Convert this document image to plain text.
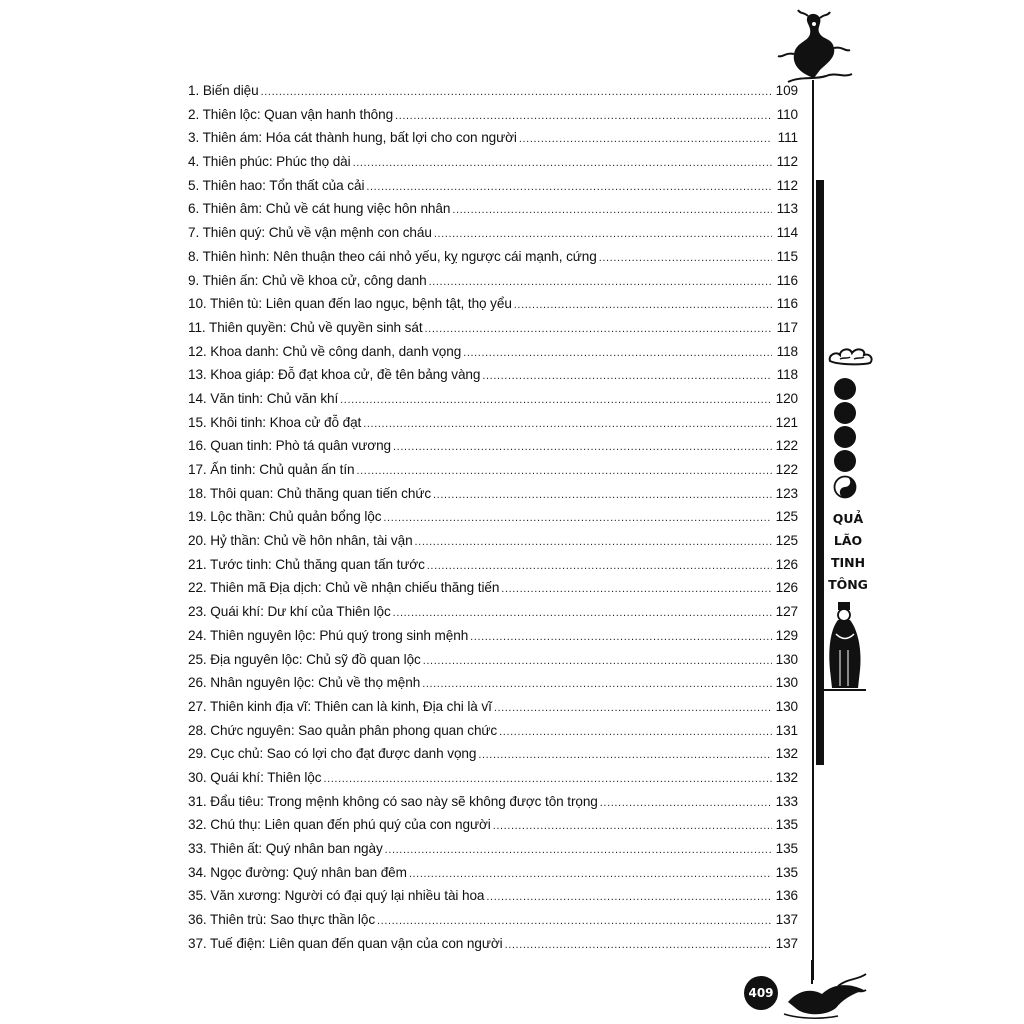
QUẢ
LÃO
TINH
TÔNG
1. Biến diệu .....	109
2. Thiên lộc: Quan vận hanh thông .....	110
3. Thiên ám: Hóa cát thành hung, bất lợi cho con người .....	111
4. Thiên phúc: Phúc thọ dài .....	112
5. Thiên hao: Tổn thất của cải .....	112
6. Thiên âm: Chủ về cát hung việc hôn nhân .....	113
7. Thiên quý: Chủ về vận mệnh con cháu .....	114
8. Thiên hình: Nên thuận theo cái nhỏ yếu, kỵ ngược cái mạnh, cứng .....	115
9. Thiên ấn: Chủ về khoa cử, công danh .....	116
10. Thiên tù: Liên quan đến lao ngục, bệnh tật, thọ yểu .....	116
11. Thiên quyền: Chủ về quyền sinh sát .....	117
12. Khoa danh: Chủ về công danh, danh vọng .....	118
13. Khoa giáp: Đỗ đạt khoa cử, đề tên bảng vàng .....	118
14. Văn tinh: Chủ văn khí .....	120
15. Khôi tinh: Khoa cử đỗ đạt .....	121
16. Quan tinh: Phò tá quân vương .....	122
17. Ấn tinh: Chủ quản ấn tín .....	122
18. Thôi quan: Chủ thăng quan tiến chức .....	123
19. Lộc thần: Chủ quản bổng lộc .....	125
20. Hỷ thần: Chủ về hôn nhân, tài vận .....	125
21. Tước tinh: Chủ thăng quan tấn tước .....	126
22. Thiên mã Địa dịch: Chủ về nhận chiếu thăng tiến .....	126
23. Quái khí: Dư khí của Thiên lộc .....	127
24. Thiên nguyên lộc: Phú quý trong sinh mệnh .....	129
25. Địa nguyên lộc: Chủ sỹ đồ quan lộc .....	130
26. Nhân nguyên lộc: Chủ về thọ mệnh .....	130
27. Thiên kinh địa vĩ: Thiên can là kinh, Địa chi là vĩ .....	130
28. Chức nguyên: Sao quản phân phong quan chức .....	131
29. Cục chủ: Sao có lợi cho đạt được danh vọng .....	132
30. Quái khí: Thiên lộc .....	132
31. Đẩu tiêu: Trong mệnh không có sao này sẽ không được tôn trọng .....	133
32. Chú thụ: Liên quan đến phú quý của con người .....	135
33. Thiên ất: Quý nhân ban ngày .....	135
34. Ngọc đường: Quý nhân ban đêm .....	135
35. Văn xương: Người có đại quý lại nhiều tài hoa .....	136
36. Thiên trù: Sao thực thần lộc .....	137
37. Tuế điện: Liên quan đến quan vận của con người .....	137
409
